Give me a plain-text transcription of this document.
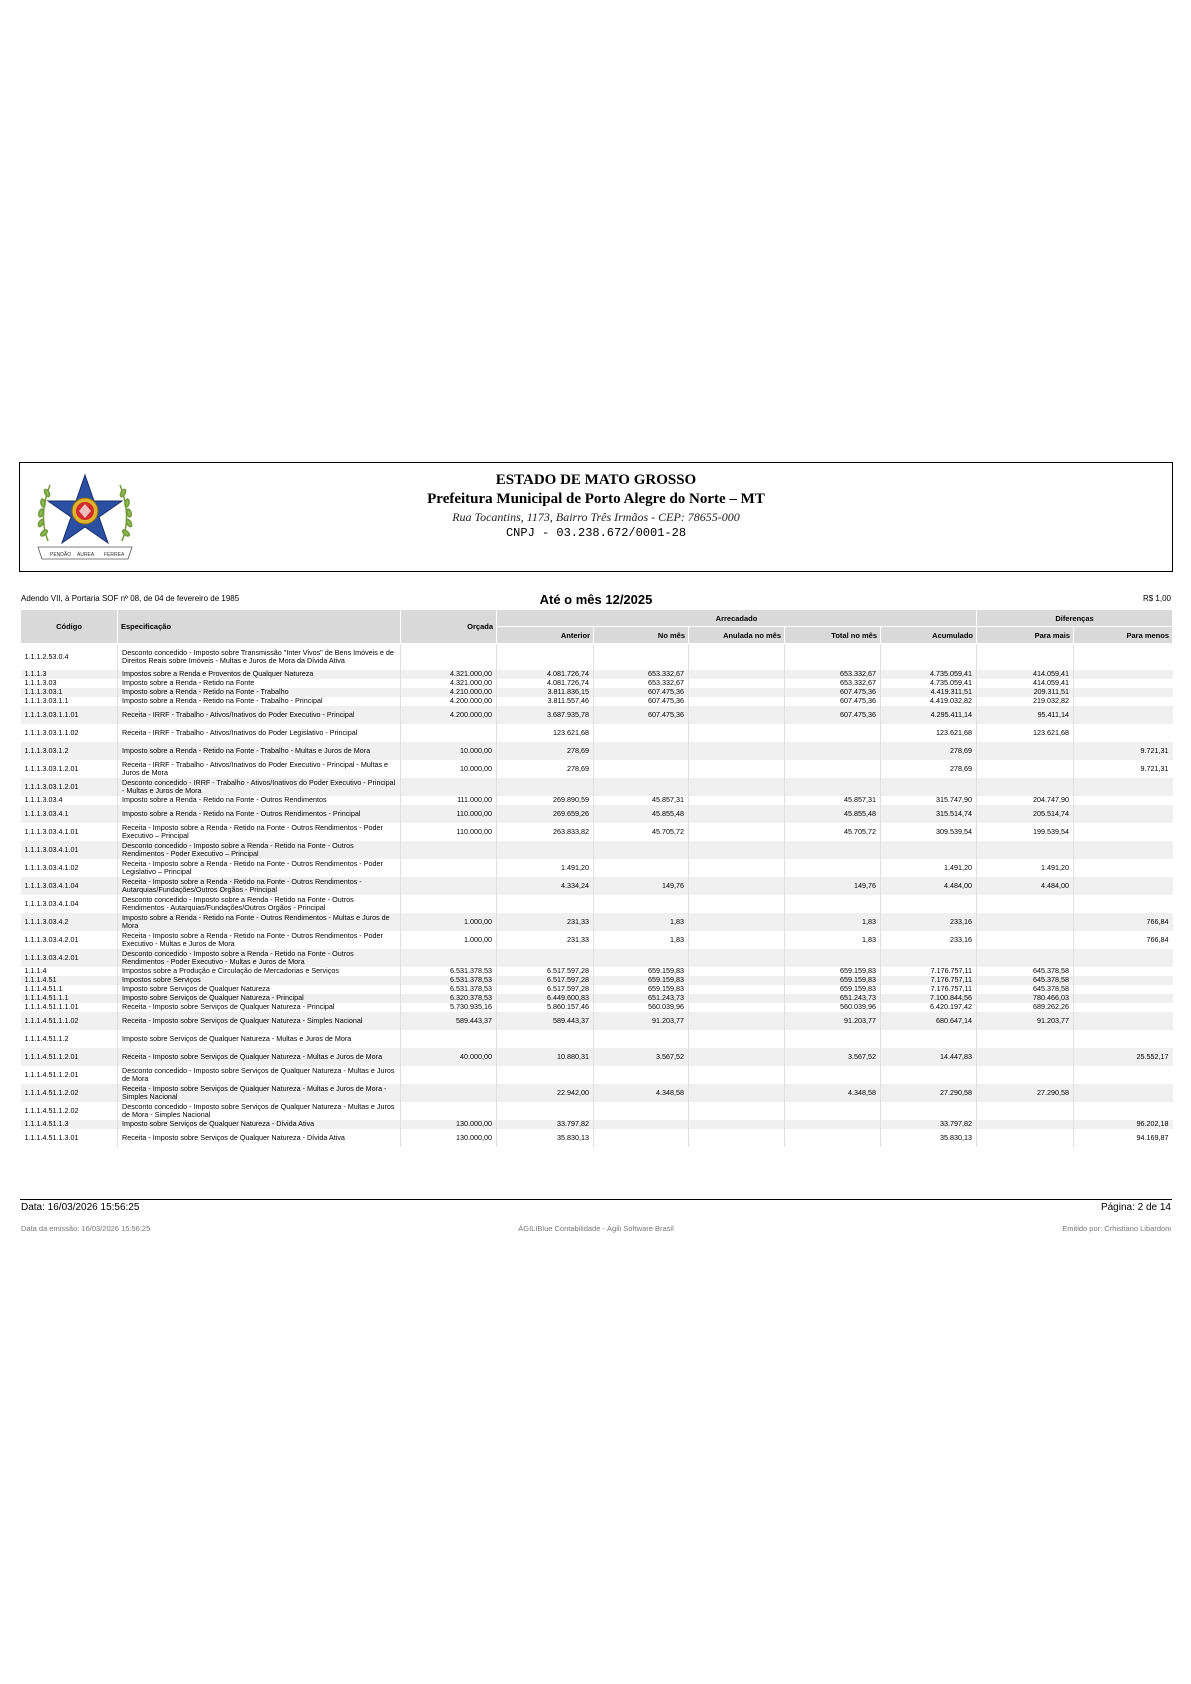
PENDÃO ÁUREA FÉRREA
ESTADO DE MATO GROSSO
Prefeitura Municipal de Porto Alegre do Norte – MT
Rua Tocantins, 1173, Bairro Três Irmãos - CEP: 78655-000
CNPJ - 03.238.672/0001-28
Adendo VII, à Portaria SOF nº 08, de 04 de fevereiro de 1985	Até o mês 12/2025	R$ 1,00
Código	Especificação	Orçada	Arrecadado					Diferenças	
			Anterior	No mês	Anulada no mês	Total no mês	Acumulado	Para mais	Para menos
1.1.1.2.53.0.4	Desconto concedido - Imposto sobre Transmissão "Inter Vivos" de Bens Imóveis e de Direitos Reais sobre Imóveis - Multas e Juros de Mora da Dívida Ativa								
1.1.1.3	Impostos sobre a Renda e Proventos de Qualquer Natureza	4.321.000,00	4.081.726,74	653.332,67		653.332,67	4.735.059,41	414.059,41	
1.1.1.3.03	Imposto sobre a Renda - Retido na Fonte	4.321.000,00	4.081.726,74	653.332,67		653.332,67	4.735.059,41	414.059,41	
1.1.1.3.03.1	Imposto sobre a Renda - Retido na Fonte - Trabalho	4.210.000,00	3.811.836,15	607.475,36		607.475,36	4.419.311,51	209.311,51	
1.1.1.3.03.1.1	Imposto sobre a Renda - Retido na Fonte - Trabalho - Principal	4.200.000,00	3.811.557,46	607.475,36		607.475,36	4.419.032,82	219.032,82	
1.1.1.3.03.1.1.01	Receita - IRRF - Trabalho - Ativos/Inativos do Poder Executivo - Principal	4.200.000,00	3.687.935,78	607.475,36		607.475,36	4.295.411,14	95.411,14	
1.1.1.3.03.1.1.02	Receita - IRRF - Trabalho - Ativos/Inativos do Poder Legislativo - Principal		123.621,68				123.621,68	123.621,68	
1.1.1.3.03.1.2	Imposto sobre a Renda - Retido na Fonte - Trabalho - Multas e Juros de Mora	10.000,00	278,69				278,69		9.721,31
1.1.1.3.03.1.2.01	Receita - IRRF - Trabalho - Ativos/Inativos do Poder Executivo - Principal - Multas e Juros de Mora	10.000,00	278,69				278,69		9.721,31
1.1.1.3.03.1.2.01	Desconto concedido - IRRF - Trabalho - Ativos/Inativos do Poder Executivo - Principal - Multas e Juros de Mora								
1.1.1.3.03.4	Imposto sobre a Renda - Retido na Fonte - Outros Rendimentos	111.000,00	269.890,59	45.857,31		45.857,31	315.747,90	204.747,90	
1.1.1.3.03.4.1	Imposto sobre a Renda - Retido na Fonte - Outros Rendimentos - Principal	110.000,00	269.659,26	45.855,48		45.855,48	315.514,74	205.514,74	
1.1.1.3.03.4.1.01	Receita - Imposto sobre a Renda - Retido na Fonte - Outros Rendimentos - Poder Executivo – Principal	110.000,00	263.833,82	45.705,72		45.705,72	309.539,54	199.539,54	
1.1.1.3.03.4.1.01	Desconto concedido - Imposto sobre a Renda - Retido na Fonte - Outros Rendimentos - Poder Executivo – Principal								
1.1.1.3.03.4.1.02	Receita - Imposto sobre a Renda - Retido na Fonte - Outros Rendimentos - Poder Legislativo – Principal		1.491,20				1.491,20	1.491,20	
1.1.1.3.03.4.1.04	Receita - Imposto sobre a Renda - Retido na Fonte - Outros Rendimentos - Autarquias/Fundações/Outros Orgãos - Principal		4.334,24	149,76		149,76	4.484,00	4.484,00	
1.1.1.3.03.4.1.04	Desconto concedido - Imposto sobre a Renda - Retido na Fonte - Outros Rendimentos - Autarquias/Fundações/Outros Orgãos - Principal								
1.1.1.3.03.4.2	Imposto sobre a Renda - Retido na Fonte - Outros Rendimentos - Multas e Juros de Mora	1.000,00	231,33	1,83		1,83	233,16		766,84
1.1.1.3.03.4.2.01	Receita - Imposto sobre a Renda - Retido na Fonte - Outros Rendimentos - Poder Executivo - Multas e Juros de Mora	1.000,00	231,33	1,83		1,83	233,16		766,84
1.1.1.3.03.4.2.01	Desconto concedido - Imposto sobre a Renda - Retido na Fonte - Outros Rendimentos - Poder Executivo - Multas e Juros de Mora								
1.1.1.4	Impostos sobre a Produção e Circulação de Mercadorias e Serviços	6.531.378,53	6.517.597,28	659.159,83		659.159,83	7.176.757,11	645.378,58	
1.1.1.4.51	Impostos sobre Serviços	6.531.378,53	6.517.597,28	659.159,83		659.159,83	7.176.757,11	645.378,58	
1.1.1.4.51.1	Imposto sobre Serviços de Qualquer Natureza	6.531.378,53	6.517.597,28	659.159,83		659.159,83	7.176.757,11	645.378,58	
1.1.1.4.51.1.1	Imposto sobre Serviços de Qualquer Natureza - Principal	6.320.378,53	6.449.600,83	651.243,73		651.243,73	7.100.844,56	780.466,03	
1.1.1.4.51.1.1.01	Receita - Imposto sobre Serviços de Qualquer Natureza - Principal	5.730.935,16	5.860.157,46	560.039,96		560.039,96	6.420.197,42	689.262,26	
1.1.1.4.51.1.1.02	Receita - Imposto sobre Serviços de Qualquer Natureza - Simples Nacional	589.443,37	589.443,37	91.203,77		91.203,77	680.647,14	91.203,77	
1.1.1.4.51.1.2	Imposto sobre Serviços de Qualquer Natureza - Multas e Juros de Mora								
1.1.1.4.51.1.2.01	Receita - Imposto sobre Serviços de Qualquer Natureza - Multas e Juros de Mora	40.000,00	10.880,31	3.567,52		3.567,52	14.447,83		25.552,17
1.1.1.4.51.1.2.01	Desconto concedido - Imposto sobre Serviços de Qualquer Natureza - Multas e Juros de Mora								
1.1.1.4.51.1.2.02	Receita - Imposto sobre Serviços de Qualquer Natureza - Multas e Juros de Mora - Simples Nacional		22.942,00	4.348,58		4.348,58	27.290,58	27.290,58	
1.1.1.4.51.1.2.02	Desconto concedido - Imposto sobre Serviços de Qualquer Natureza - Multas e Juros de Mora - Simples Nacional								
1.1.1.4.51.1.3	Imposto sobre Serviços de Qualquer Natureza - Dívida Ativa	130.000,00	33.797,82				33.797,82		96.202,18
1.1.1.4.51.1.3.01	Receita - Imposto sobre Serviços de Qualquer Natureza - Dívida Ativa	130.000,00	35.830,13				35.830,13		94.169,87
Data: 16/03/2026 15:56:25	Página: 2 de 14
Data da emissão: 16/03/2026 15:56:25	ÁGILIBlue Contabilidade - Ágili Software Brasil	Emitido por: Crhistiano Libardoni
